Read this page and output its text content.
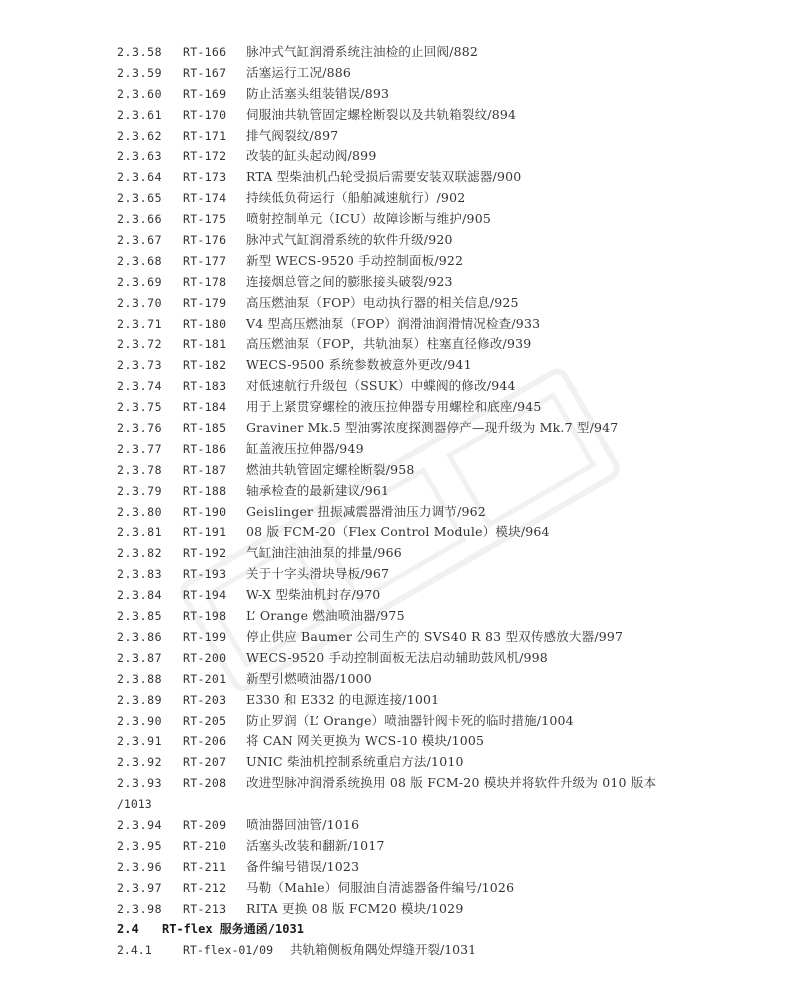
2.3.58 RT-166 脉冲式气缸润滑系统注油检的止回阀/882
2.3.59 RT-167 活塞运行工况/886
2.3.60 RT-169 防止活塞头组装错误/893
2.3.61 RT-170 伺服油共轨管固定螺栓断裂以及共轨箱裂纹/894
2.3.62 RT-171 排气阀裂纹/897
2.3.63 RT-172 改装的缸头起动阀/899
2.3.64 RT-173 RTA 型柴油机凸轮受损后需要安装双联滤器/900
2.3.65 RT-174 持续低负荷运行（船舶减速航行）/902
2.3.66 RT-175 喷射控制单元（ICU）故障诊断与维护/905
2.3.67 RT-176 脉冲式气缸润滑系统的软件升级/920
2.3.68 RT-177 新型 WECS-9520 手动控制面板/922
2.3.69 RT-178 连接烟总管之间的膨胀接头破裂/923
2.3.70 RT-179 高压燃油泵（FOP）电动执行器的相关信息/925
2.3.71 RT-180 V4 型高压燃油泵（FOP）润滑油润滑情况检查/933
2.3.72 RT-181 高压燃油泵（FOP，共轨油泵）柱塞直径修改/939
2.3.73 RT-182 WECS-9500 系统参数被意外更改/941
2.3.74 RT-183 对低速航行升级包（SSUK）中蝶阀的修改/944
2.3.75 RT-184 用于上紧贯穿螺栓的液压拉伸器专用螺栓和底座/945
2.3.76 RT-185 Graviner Mk.5 型油雾浓度探测器停产—现升级为 Mk.7 型/947
2.3.77 RT-186 缸盖液压拉伸器/949
2.3.78 RT-187 燃油共轨管固定螺栓断裂/958
2.3.79 RT-188 轴承检查的最新建议/961
2.3.80 RT-190 Geislinger 扭振减震器滑油压力调节/962
2.3.81 RT-191 08 版 FCM-20（Flex Control Module）模块/964
2.3.82 RT-192 气缸油注油油泵的排量/966
2.3.83 RT-193 关于十字头滑块导板/967
2.3.84 RT-194 W-X 型柴油机封存/970
2.3.85 RT-198 L’ Orange 燃油喷油器/975
2.3.86 RT-199 停止供应 Baumer 公司生产的 SVS40 R 83 型双传感放大器/997
2.3.87 RT-200 WECS-9520 手动控制面板无法启动辅助鼓风机/998
2.3.88 RT-201 新型引燃喷油器/1000
2.3.89 RT-203 E330 和 E332 的电源连接/1001
2.3.90 RT-205 防止罗润（L’ Orange）喷油器针阀卡死的临时措施/1004
2.3.91 RT-206 将 CAN 网关更换为 WCS-10 模块/1005
2.3.92 RT-207 UNIC 柴油机控制系统重启方法/1010
2.3.93 RT-208 改进型脉冲润滑系统换用 08 版 FCM-20 模块并将软件升级为 010 版本
/1013
2.3.94 RT-209 喷油器回油管/1016
2.3.95 RT-210 活塞头改装和翻新/1017
2.3.96 RT-211 备件编号错误/1023
2.3.97 RT-212 马勒（Mahle）伺服油自清滤器备件编号/1026
2.3.98 RT-213 RITA 更换 08 版 FCM20 模块/1029
2.4 RT-flex 服务通函/1031
2.4.1	RT-flex-01/09 共轨箱侧板角隅处焊缝开裂/1031
